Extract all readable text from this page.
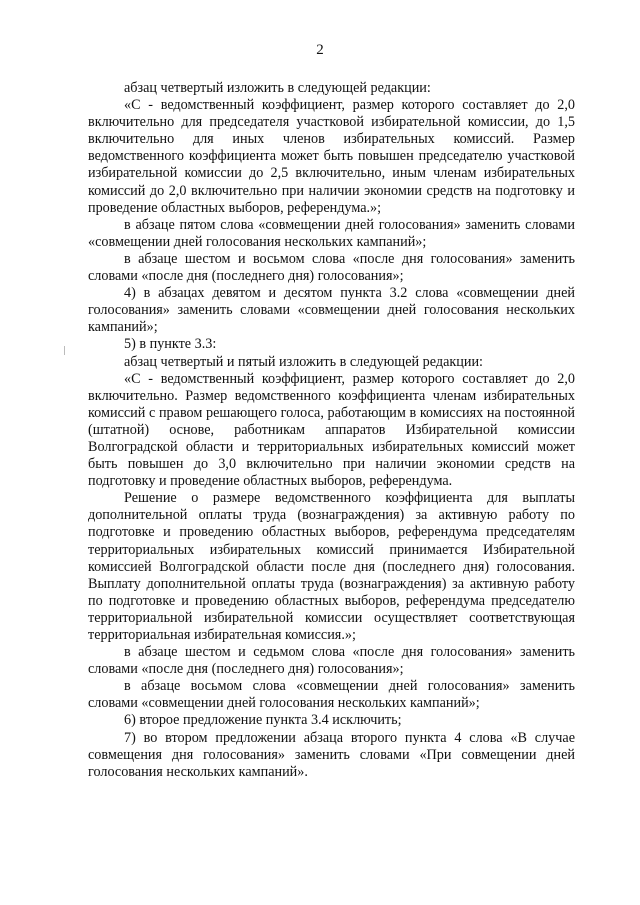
2

абзац четвертый изложить в следующей редакции:

«С - ведомственный коэффициент, размер которого составляет до 2,0 включительно для председателя участковой избирательной комиссии, до 1,5 включительно для иных членов избирательных комиссий. Размер ведомственного коэффициента может быть повышен председателю участковой избирательной комиссии до 2,5 включительно, иным членам избирательных комиссий до 2,0 включительно при наличии экономии средств на подготовку и проведение областных выборов, референдума.»;

в абзаце пятом слова «совмещении дней голосования» заменить словами «совмещении дней голосования нескольких кампаний»;

в абзаце шестом и восьмом слова «после дня голосования» заменить словами «после дня (последнего дня) голосования»;

4) в абзацах девятом и десятом пункта 3.2 слова «совмещении дней голосования» заменить словами «совмещении дней голосования нескольких кампаний»;

5) в пункте 3.3:

абзац четвертый и пятый изложить в следующей редакции:

«С - ведомственный коэффициент, размер которого составляет до 2,0 включительно. Размер ведомственного коэффициента членам избирательных комиссий с правом решающего голоса, работающим в комиссиях на постоянной (штатной) основе, работникам аппаратов Избирательной комиссии Волгоградской области и территориальных избирательных комиссий может быть повышен до 3,0 включительно при наличии экономии средств на подготовку и проведение областных выборов, референдума.

Решение о размере ведомственного коэффициента для выплаты дополнительной оплаты труда (вознаграждения) за активную работу по подготовке и проведению областных выборов, референдума председателям территориальных избирательных комиссий принимается Избирательной комиссией Волгоградской области после дня (последнего дня) голосования. Выплату дополнительной оплаты труда (вознаграждения) за активную работу по подготовке и проведению областных выборов, референдума председателю территориальной избирательной комиссии осуществляет соответствующая территориальная избирательная комиссия.»;

в абзаце шестом и седьмом слова «после дня голосования» заменить словами «после дня (последнего дня) голосования»;

в абзаце восьмом слова «совмещении дней голосования» заменить словами «совмещении дней голосования нескольких кампаний»;

6) второе предложение пункта 3.4 исключить;

7) во втором предложении абзаца второго пункта 4 слова «В случае совмещения дня голосования» заменить словами «При совмещении дней голосования нескольких кампаний».
